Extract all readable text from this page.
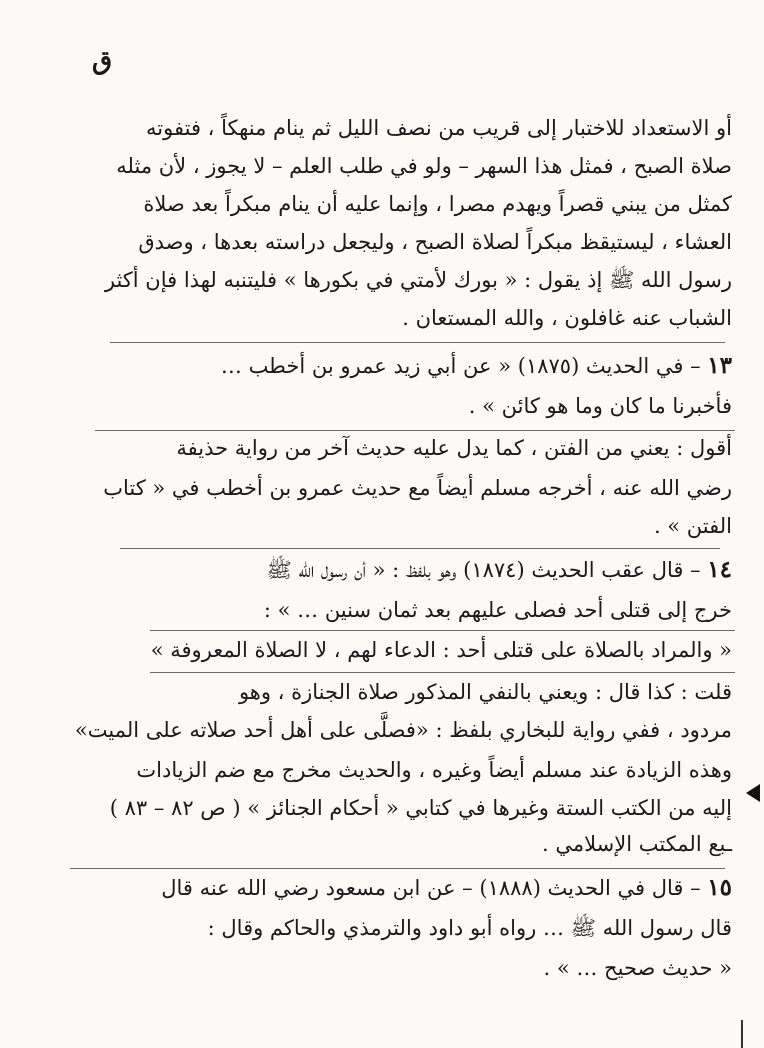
ق
أو الاستعداد للاختبار إلى قريب من نصف الليل ثم ينام منهكاً ، فتفوته
صلاة الصبح ، فمثل هذا السهر – ولو في طلب العلم – لا يجوز ، لأن مثله
كمثل من يبني قصراً ويهدم مصرا ، وإنما عليه أن ينام مبكراً بعد صلاة
العشاء ، ليستيقظ مبكراً لصلاة الصبح ، وليجعل دراسته بعدها ، وصدق
رسول الله ﷺ إذ يقول : « بورك لأمتي في بكورها » فليتنبه لهذا فإن أكثر
الشباب عنه غافلون ، والله المستعان .
١٣ – في الحديث (١٨٧٥) « عن أبي زيد عمرو بن أخطب …
فأخبرنا ما كان وما هو كائن » .
أقول : يعني من الفتن ، كما يدل عليه حديث آخر من رواية حذيفة
رضي الله عنه ، أخرجه مسلم أيضاً مع حديث عمرو بن أخطب في « كتاب
الفتن » .
١٤ – قال عقب الحديث (١٨٧٤) وهو بلفظ : « أن رسول الله ﷺ
خرج إلى قتلى أحد فصلى عليهم بعد ثمان سنين … » :
« والمراد بالصلاة على قتلى أحد : الدعاء لهم ، لا الصلاة المعروفة »
قلت : كذا قال : ويعني بالنفي المذكور صلاة الجنازة ، وهو
مردود ، ففي رواية للبخاري بلفظ : «فصلَّى على أهل أحد صلاته على الميت»
وهذه الزيادة عند مسلم أيضاً وغيره ، والحديث مخرج مع ضم الزيادات
إليه من الكتب الستة وغيرها في كتابي « أحكام الجنائز » ( ص ٨٢ – ٨٣ )
ـبع المكتب الإسلامي .
١٥ – قال في الحديث (١٨٨٨) – عن ابن مسعود رضي الله عنه قال
قال رسول الله ﷺ … رواه أبو داود والترمذي والحاكم وقال :
« حديث صحيح … » .
